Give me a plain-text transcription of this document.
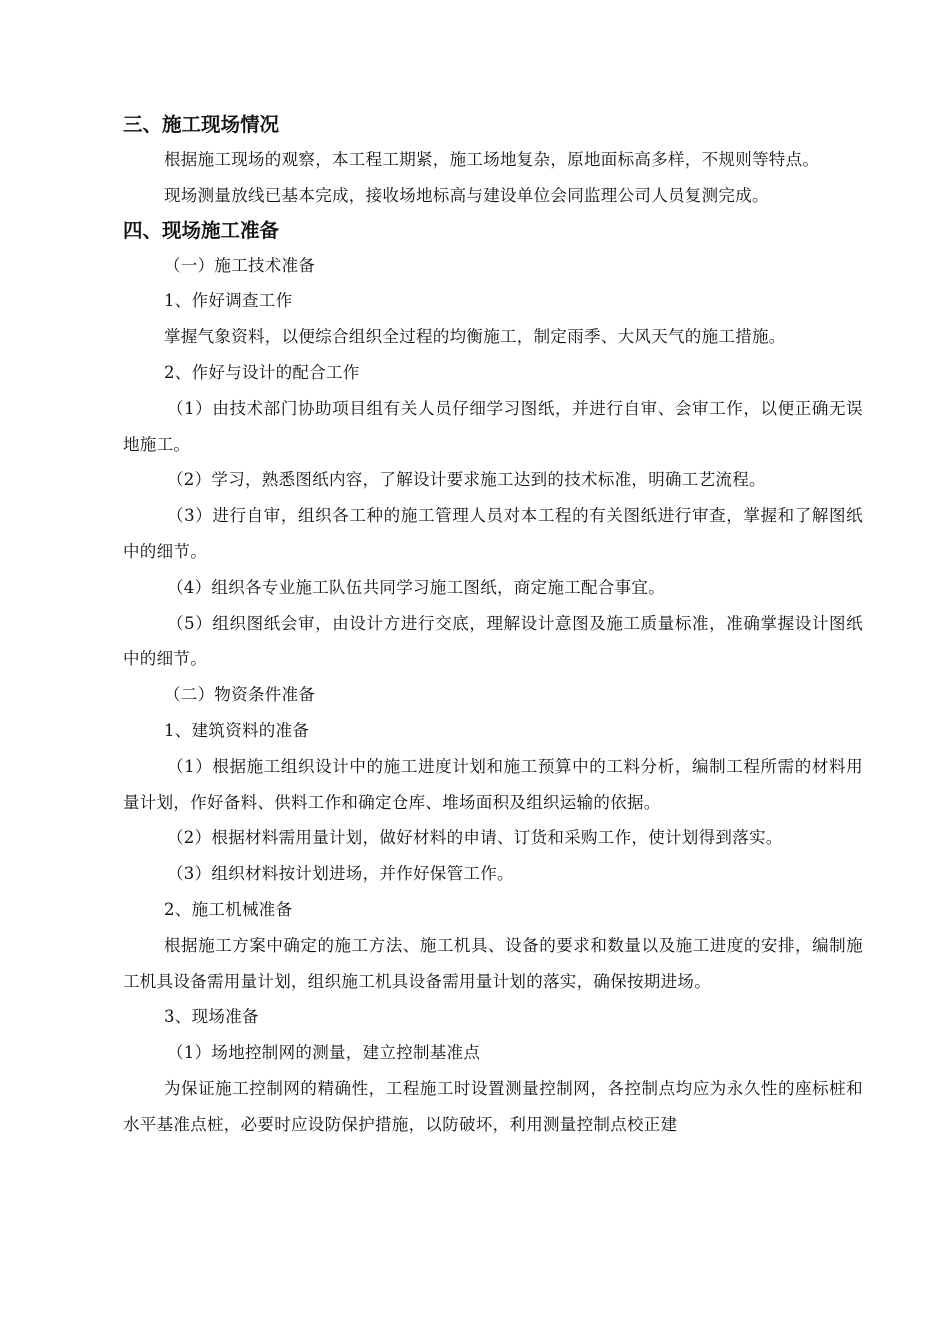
三、施工现场情况

根据施工现场的观察，本工程工期紧，施工场地复杂，原地面标高多样，不规则等特点。

现场测量放线已基本完成，接收场地标高与建设单位会同监理公司人员复测完成。

四、现场施工准备

（一）施工技术准备

1、作好调查工作

掌握气象资料，以便综合组织全过程的均衡施工，制定雨季、大风天气的施工措施。

2、作好与设计的配合工作

（1）由技术部门协助项目组有关人员仔细学习图纸，并进行自审、会审工作，以便正确无误地施工。

（2）学习，熟悉图纸内容，了解设计要求施工达到的技术标准，明确工艺流程。

（3）进行自审，组织各工种的施工管理人员对本工程的有关图纸进行审查，掌握和了解图纸中的细节。

（4）组织各专业施工队伍共同学习施工图纸，商定施工配合事宜。

（5）组织图纸会审，由设计方进行交底，理解设计意图及施工质量标准，准确掌握设计图纸中的细节。

（二）物资条件准备

1、建筑资料的准备

（1）根据施工组织设计中的施工进度计划和施工预算中的工料分析，编制工程所需的材料用量计划，作好备料、供料工作和确定仓库、堆场面积及组织运输的依据。

（2）根据材料需用量计划，做好材料的申请、订货和采购工作，使计划得到落实。

（3）组织材料按计划进场，并作好保管工作。

2、施工机械准备

根据施工方案中确定的施工方法、施工机具、设备的要求和数量以及施工进度的安排，编制施工机具设备需用量计划，组织施工机具设备需用量计划的落实，确保按期进场。

3、现场准备

（1）场地控制网的测量，建立控制基准点

为保证施工控制网的精确性，工程施工时设置测量控制网，各控制点均应为永久性的座标桩和水平基准点桩，必要时应设防保护措施，以防破坏，利用测量控制点校正建
